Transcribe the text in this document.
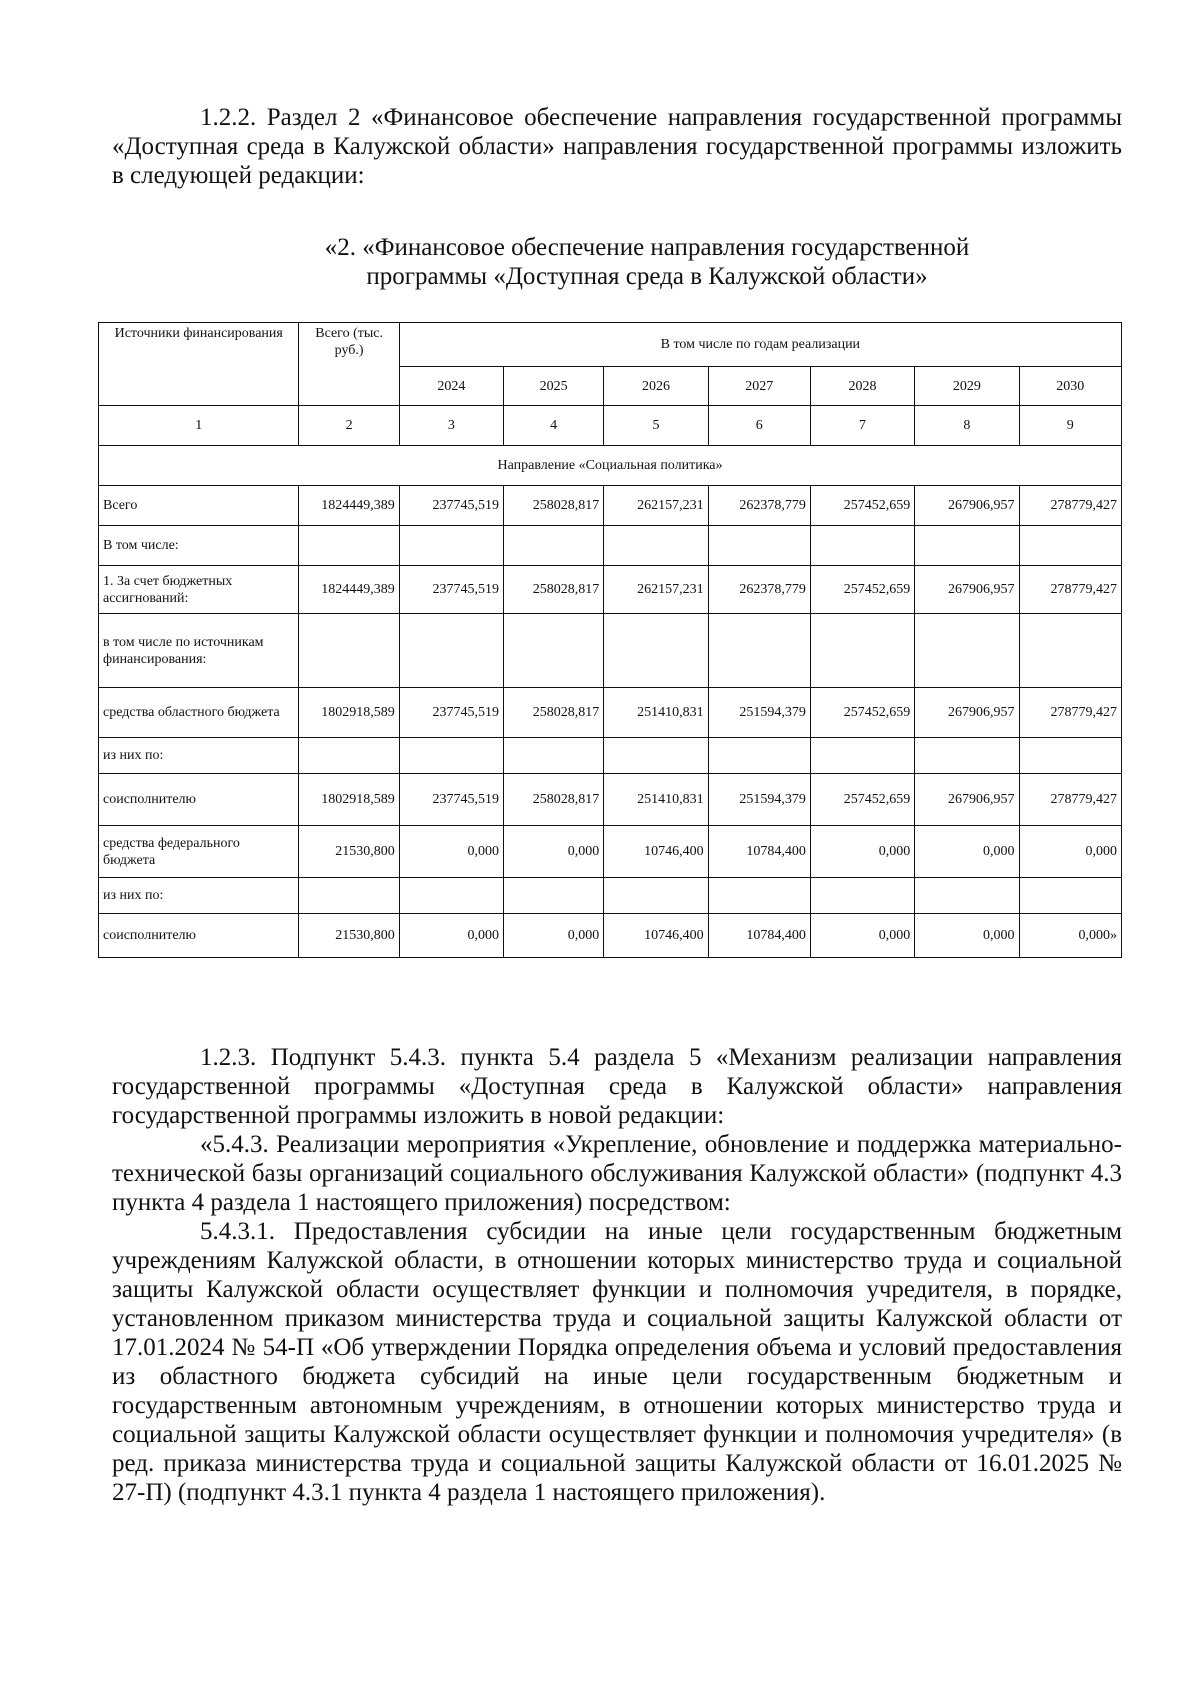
1.2.2. Раздел 2 «Финансовое обеспечение направления государственной программы «Доступная среда в Калужской области» направления государственной программы изложить в следующей редакции:
«2. «Финансовое обеспечение направления государственной
программы «Доступная среда в Калужской области»
Источники финансирования	Всего (тыс. руб.)	В том числе по годам реализации						
		2024	2025	2026	2027	2028	2029	2030
1	2	3	4	5	6	7	8	9
Направление «Социальная политика»								
Всего	1824449,389	237745,519	258028,817	262157,231	262378,779	257452,659	267906,957	278779,427
В том числе:								
1. За счет бюджетных ассигнований:	1824449,389	237745,519	258028,817	262157,231	262378,779	257452,659	267906,957	278779,427
в том числе по источникам финансирования:								
средства областного бюджета	1802918,589	237745,519	258028,817	251410,831	251594,379	257452,659	267906,957	278779,427
из них по:								
соисполнителю	1802918,589	237745,519	258028,817	251410,831	251594,379	257452,659	267906,957	278779,427
средства федерального бюджета	21530,800	0,000	0,000	10746,400	10784,400	0,000	0,000	0,000
из них по:								
соисполнителю	21530,800	0,000	0,000	10746,400	10784,400	0,000	0,000	0,000»

1.2.3. Подпункт 5.4.3. пункта 5.4 раздела 5 «Механизм реализации направления государственной программы «Доступная среда в Калужской области» направления государственной программы изложить в новой редакции:

«5.4.3. Реализации мероприятия «Укрепление, обновление и поддержка материально-технической базы организаций социального обслуживания Калужской области» (подпункт 4.3 пункта 4 раздела 1 настоящего приложения) посредством:

5.4.3.1. Предоставления субсидии на иные цели государственным бюджетным учреждениям Калужской области, в отношении которых министерство труда и социальной защиты Калужской области осуществляет функции и полномочия учредителя, в порядке, установленном приказом министерства труда и социальной защиты Калужской области от 17.01.2024 № 54-П «Об утверждении Порядка определения объема и условий предоставления из областного бюджета субсидий на иные цели государственным бюджетным и государственным автономным учреждениям, в отношении которых министерство труда и социальной защиты Калужской области осуществляет функции и полномочия учредителя» (в ред. приказа министерства труда и социальной защиты Калужской области от 16.01.2025 № 27-П) (подпункт 4.3.1 пункта 4 раздела 1 настоящего приложения).
